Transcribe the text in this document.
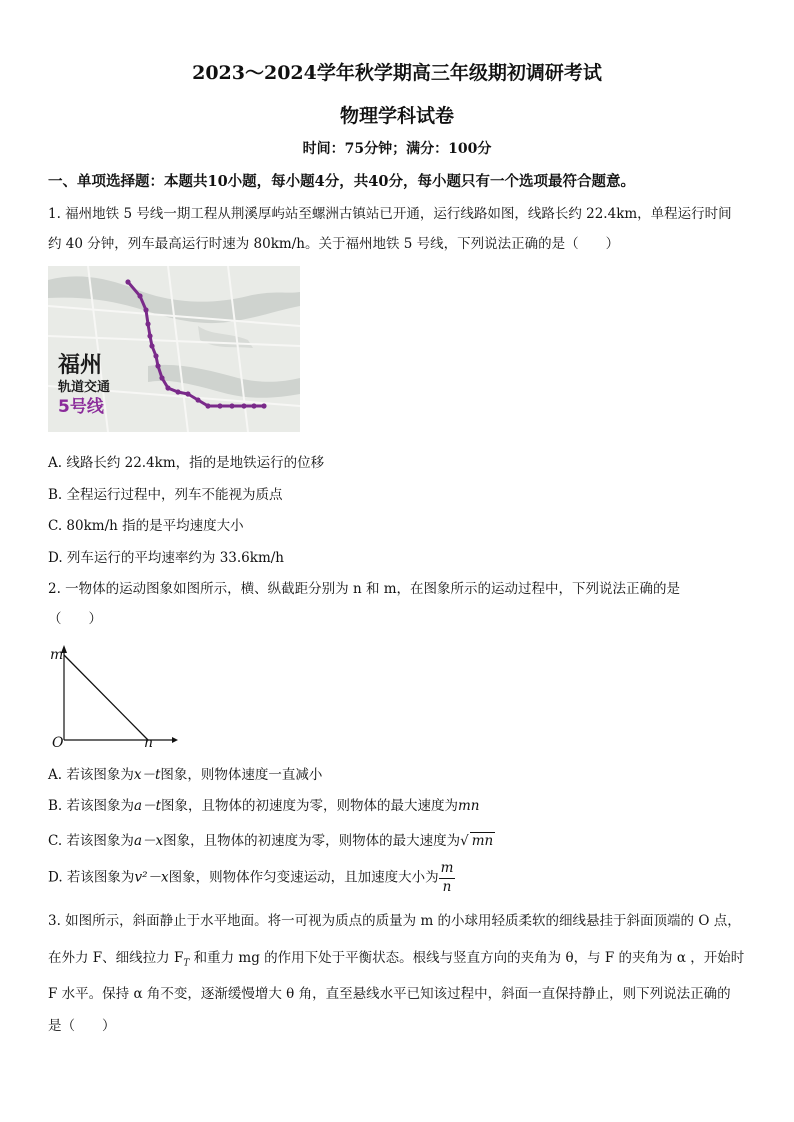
2023～2024学年秋学期高三年级期初调研考试
物理学科试卷
时间：75分钟；满分：100分
一、单项选择题：本题共10小题，每小题4分，共40分，每小题只有一个选项最符合题意。
1. 福州地铁 5 号线一期工程从荆溪厚屿站至螺洲古镇站已开通，运行线路如图，线路长约 22.4km，单程运行时间
约 40 分钟，列车最高运行时速为 80km/h。关于福州地铁 5 号线，下列说法正确的是（　　）
福州
轨道交通
5号线
A. 线路长约 22.4km，指的是地铁运行的位移
B. 全程运行过程中，列车不能视为质点
C. 80km/h 指的是平均速度大小
D. 列车运行的平均速率约为 33.6km/h
2. 一物体的运动图象如图所示，横、纵截距分别为 n 和 m，在图象所示的运动过程中，下列说法正确的是
（　　）
m
O	n
A. 若该图象为x－t图象，则物体速度一直减小
B. 若该图象为a－t图象，且物体的初速度为零，则物体的最大速度为mn
C. 若该图象为a－x图象，且物体的初速度为零，则物体的最大速度为√ mn
D. 若该图象为v²－x图象，则物体作匀变速运动，且加速度大小为 $\frac{m}{n}$
3. 如图所示，斜面静止于水平地面。将一可视为质点的质量为 m 的小球用轻质柔软的细线悬挂于斜面顶端的 O 点，
在外力 F、细线拉力 $F_T$ 和重力 mg 的作用下处于平衡状态。根线与竖直方向的夹角为 θ，与 F 的夹角为 α ，开始时
F 水平。保持 α 角不变，逐渐缓慢增大 θ 角，直至悬线水平已知该过程中，斜面一直保持静止，则下列说法正确的
是（　　）
